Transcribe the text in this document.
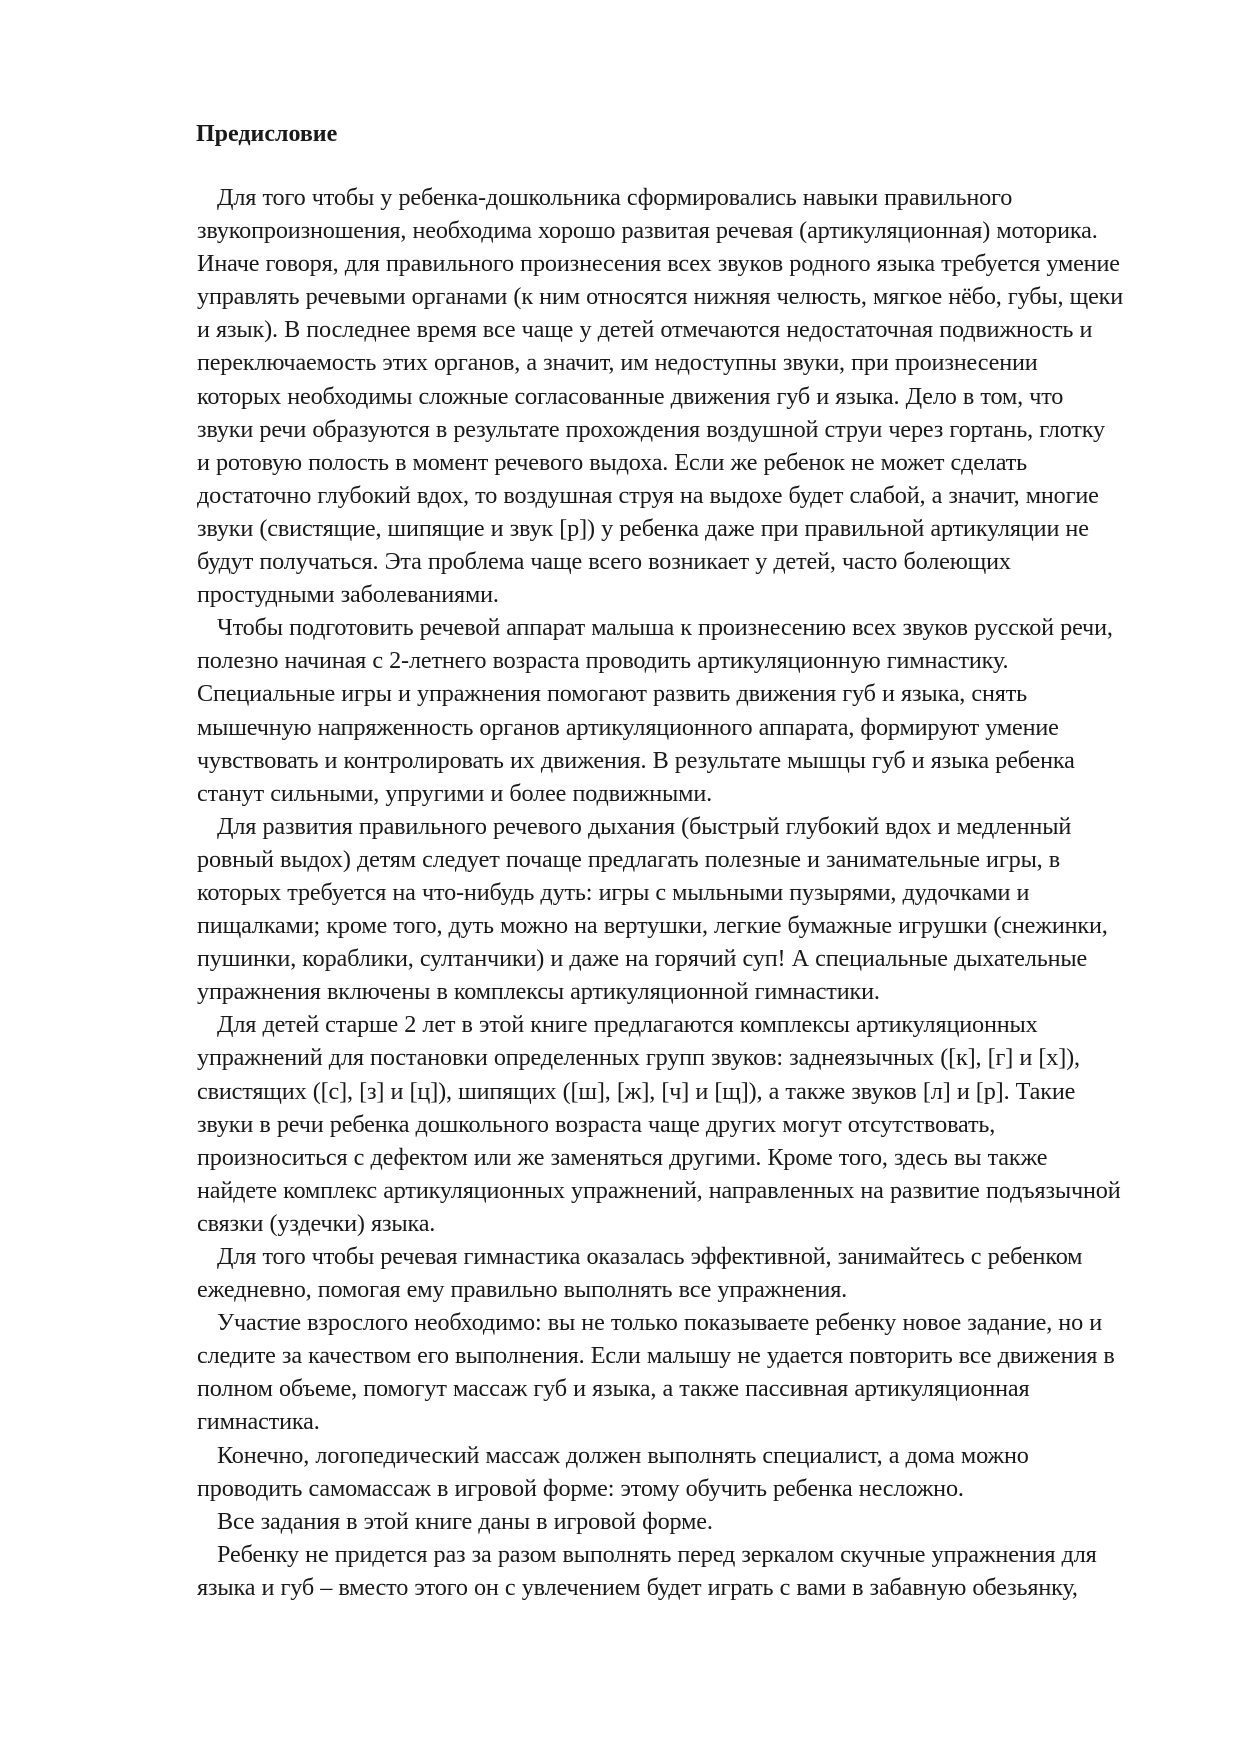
Предисловие

Для того чтобы у ребенка-дошкольника сформировались навыки правильного
звукопроизношения, необходима хорошо развитая речевая (артикуляционная) моторика.
Иначе говоря, для правильного произнесения всех звуков родного языка требуется умение
управлять речевыми органами (к ним относятся нижняя челюсть, мягкое нёбо, губы, щеки
и язык). В последнее время все чаще у детей отмечаются недостаточная подвижность и
переключаемость этих органов, а значит, им недоступны звуки, при произнесении
которых необходимы сложные согласованные движения губ и языка. Дело в том, что
звуки речи образуются в результате прохождения воздушной струи через гортань, глотку
и ротовую полость в момент речевого выдоха. Если же ребенок не может сделать
достаточно глубокий вдох, то воздушная струя на выдохе будет слабой, а значит, многие
звуки (свистящие, шипящие и звук [р]) у ребенка даже при правильной артикуляции не
будут получаться. Эта проблема чаще всего возникает у детей, часто болеющих
простудными заболеваниями.

Чтобы подготовить речевой аппарат малыша к произнесению всех звуков русской речи,
полезно начиная с 2-летнего возраста проводить артикуляционную гимнастику.
Специальные игры и упражнения помогают развить движения губ и языка, снять
мышечную напряженность органов артикуляционного аппарата, формируют умение
чувствовать и контролировать их движения. В результате мышцы губ и языка ребенка
станут сильными, упругими и более подвижными.

Для развития правильного речевого дыхания (быстрый глубокий вдох и медленный
ровный выдох) детям следует почаще предлагать полезные и занимательные игры, в
которых требуется на что-нибудь дуть: игры с мыльными пузырями, дудочками и
пищалками; кроме того, дуть можно на вертушки, легкие бумажные игрушки (снежинки,
пушинки, кораблики, султанчики) и даже на горячий суп! А специальные дыхательные
упражнения включены в комплексы артикуляционной гимнастики.

Для детей старше 2 лет в этой книге предлагаются комплексы артикуляционных
упражнений для постановки определенных групп звуков: заднеязычных ([к], [г] и [х]),
свистящих ([с], [з] и [ц]), шипящих ([ш], [ж], [ч] и [щ]), а также звуков [л] и [р]. Такие
звуки в речи ребенка дошкольного возраста чаще других могут отсутствовать,
произноситься с дефектом или же заменяться другими. Кроме того, здесь вы также
найдете комплекс артикуляционных упражнений, направленных на развитие подъязычной
связки (уздечки) языка.

Для того чтобы речевая гимнастика оказалась эффективной, занимайтесь с ребенком
ежедневно, помогая ему правильно выполнять все упражнения.

Участие взрослого необходимо: вы не только показываете ребенку новое задание, но и
следите за качеством его выполнения. Если малышу не удается повторить все движения в
полном объеме, помогут массаж губ и языка, а также пассивная артикуляционная
гимнастика.

Конечно, логопедический массаж должен выполнять специалист, а дома можно
проводить самомассаж в игровой форме: этому обучить ребенка несложно.

Все задания в этой книге даны в игровой форме.

Ребенку не придется раз за разом выполнять перед зеркалом скучные упражнения для
языка и губ – вместо этого он с увлечением будет играть с вами в забавную обезьянку,
